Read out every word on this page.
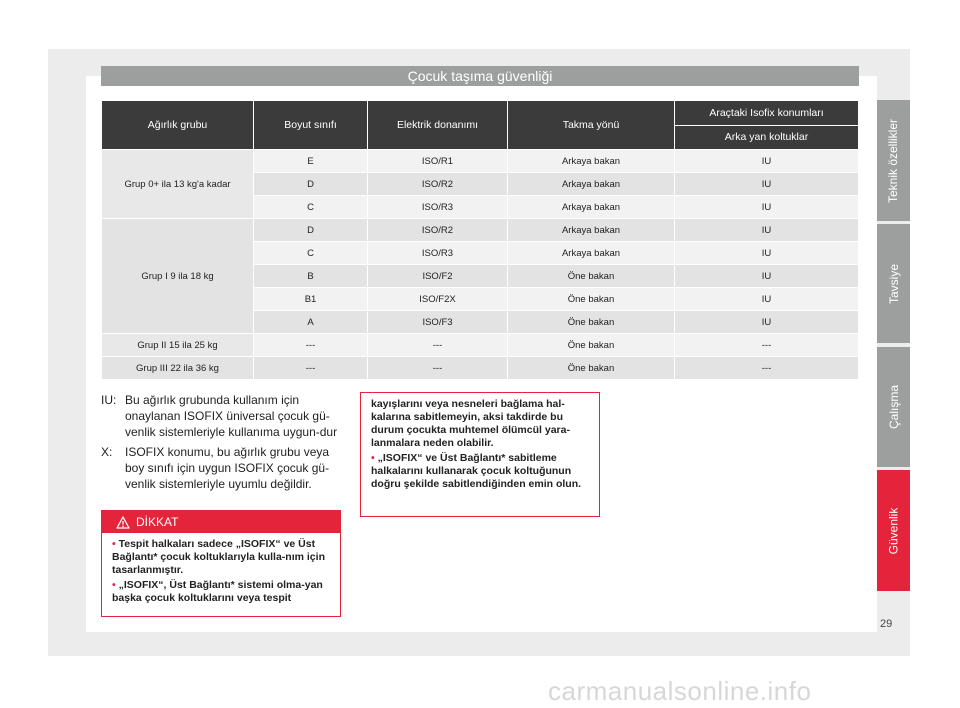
Çocuk taşıma güvenliği
Ağırlık grubu	Boyut sınıfı	Elektrik donanımı	Takma yönü	Araçtaki Isofix konumları
				Arka yan koltuklar
Grup 0+ ila 13 kg'a kadar	E	ISO/R1	Arkaya bakan	IU
	D	ISO/R2	Arkaya bakan	IU
	C	ISO/R3	Arkaya bakan	IU
Grup I 9 ila 18 kg	D	ISO/R2	Arkaya bakan	IU
	C	ISO/R3	Arkaya bakan	IU
	B	ISO/F2	Öne bakan	IU
	B1	ISO/F2X	Öne bakan	IU
	A	ISO/F3	Öne bakan	IU
Grup II 15 ila 25 kg	---	---	Öne bakan	---
Grup III 22 ila 36 kg	---	---	Öne bakan	---
IU: Bu ağırlık grubunda kullanım için onaylanan ISOFIX üniversal çocuk gü-venlik sistemleriyle kullanıma uygun-dur
X: ISOFIX konumu, bu ağırlık grubu veya boy sınıfı için uygun ISOFIX çocuk gü-venlik sistemleriyle uyumlu değildir.
DİKKAT

• Tespit halkaları sadece „ISOFIX“ ve Üst Bağlantı* çocuk koltuklarıyla kulla-nım için tasarlanmıştır.

• „ISOFIX“, Üst Bağlantı* sistemi olma-yan başka çocuk koltuklarını veya tespit

kayışlarını veya nesneleri bağlama hal-kalarına sabitlemeyin, aksi takdirde bu durum çocukta muhtemel ölümcül yara-lanmalara neden olabilir.

• „ISOFIX“ ve Üst Bağlantı* sabitleme halkalarını kullanarak çocuk koltuğunun doğru şekilde sabitlendiğinden emin olun.

Teknik özellikler
Tavsiye
Çalışma
Güvenlik
29
carmanualsonline.info
